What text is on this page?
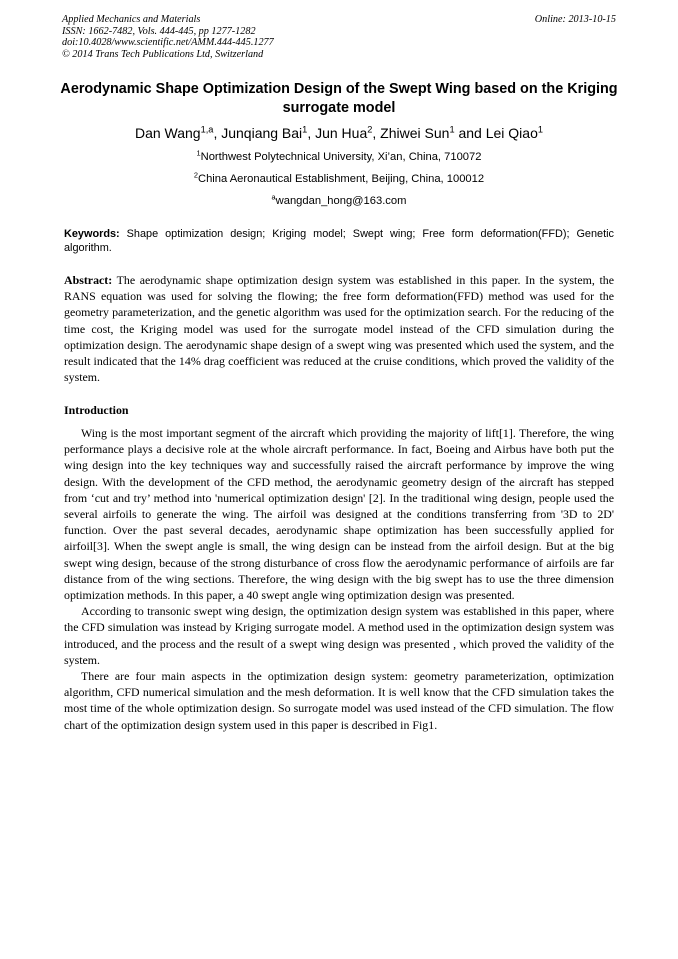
Applied Mechanics and Materials
ISSN: 1662-7482, Vols. 444-445, pp 1277-1282
doi:10.4028/www.scientific.net/AMM.444-445.1277
© 2014 Trans Tech Publications Ltd, Switzerland
Online: 2013-10-15
Aerodynamic Shape Optimization Design of the Swept Wing based on the Kriging surrogate model
Dan Wang$^{1,a}$, Junqiang Bai$^1$, Jun Hua$^2$, Zhiwei Sun$^1$ and Lei Qiao$^1$
$^1$Northwest Polytechnical University, Xi’an, China, 710072
$^2$China Aeronautical Establishment, Beijing, China, 100012
$^a$wangdan_hong@163.com
Keywords: Shape optimization design; Kriging model; Swept wing; Free form deformation(FFD); Genetic algorithm.
Abstract: The aerodynamic shape optimization design system was established in this paper. In the system, the RANS equation was used for solving the flowing; the free form deformation(FFD) method was used for the geometry parameterization, and the genetic algorithm was used for the optimization search. For the reducing of the time cost, the Kriging model was used for the surrogate model instead of the CFD simulation during the optimization design. The aerodynamic shape design of a swept wing was presented which used the system, and the result indicated that the 14% drag coefficient was reduced at the cruise conditions, which proved the validity of the system.
Introduction

Wing is the most important segment of the aircraft which providing the majority of lift[1]. Therefore, the wing performance plays a decisive role at the whole aircraft performance. In fact, Boeing and Airbus have both put the wing design into the key techniques way and successfully raised the aircraft performance by improve the wing design. With the development of the CFD method, the aerodynamic geometry design of the aircraft has stepped from ‘cut and try’ method into 'numerical optimization design' [2]. In the traditional wing design, people used the several airfoils to generate the wing. The airfoil was designed at the conditions transferring from '3D to 2D' function. Over the past several decades, aerodynamic shape optimization has been successfully applied for airfoil[3]. When the swept angle is small, the wing design can be instead from the airfoil design. But at the big swept wing design, because of the strong disturbance of cross flow the aerodynamic performance of airfoils are far distance from of the wing sections. Therefore, the wing design with the big swept has to use the three dimension optimization methods. In this paper, a 40 swept angle wing optimization design was presented.

According to transonic swept wing design, the optimization design system was established in this paper, where the CFD simulation was instead by Kriging surrogate model. A method used in the optimization design system was introduced, and the process and the result of a swept wing design was presented , which proved the validity of the system.

There are four main aspects in the optimization design system: geometry parameterization, optimization algorithm, CFD numerical simulation and the mesh deformation. It is well know that the CFD simulation takes the most time of the whole optimization design. So surrogate model was used instead of the CFD simulation. The flow chart of the optimization design system used in this paper is described in Fig1.
